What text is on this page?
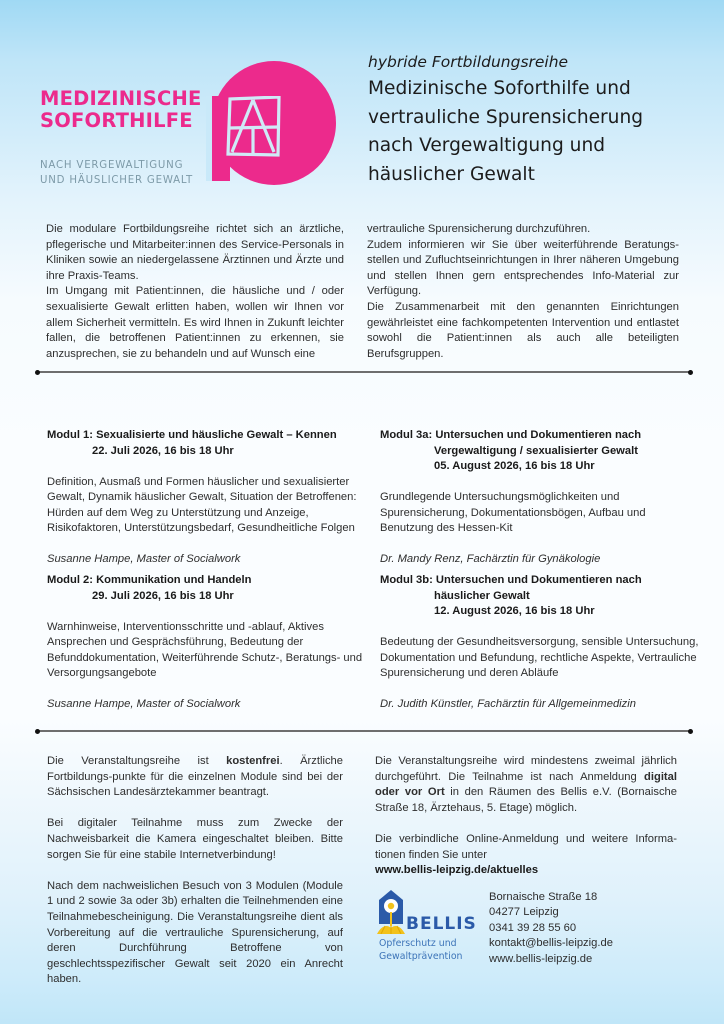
MEDIZINISCHE
SOFORTHILFE
NACH VERGEWALTIGUNG
UND HÄUSLICHER GEWALT
hybride Fortbildungsreihe
Medizinische Soforthilfe und
vertrauliche Spurensicherung
nach Vergewaltigung und
häuslicher Gewalt

Die modulare Fortbildungsreihe richtet sich an ärztliche, pflegerische und Mitarbeiter:innen des Service-Personals in Kliniken sowie an niedergelassene Ärztinnen und Ärzte und ihre Praxis-Teams.

Im Umgang mit Patient:innen, die häusliche und / oder sexualisierte Gewalt erlitten haben, wollen wir Ihnen vor allem Sicherheit vermitteln. Es wird Ihnen in Zukunft leichter fallen, die betroffenen Patient:innen zu erkennen, sie anzusprechen, sie zu behandeln und auf Wunsch eine

vertrauliche Spurensicherung durchzuführen.

Zudem informieren wir Sie über weiterführende Beratungs-stellen und Zufluchtseinrichtungen in Ihrer näheren Umgebung und stellen Ihnen gern entsprechendes Info-Material zur Verfügung.

Die Zusammenarbeit mit den genannten Einrichtungen gewährleistet eine fachkompetenten Intervention und entlastet sowohl die Patient:innen als auch alle beteiligten Berufsgruppen.

Modul 1: Sexualisierte und häusliche Gewalt – Kennen
22. Juli 2026, 16 bis 18 Uhr
Definition, Ausmaß und Formen häuslicher und sexualisierter Gewalt, Dynamik häuslicher Gewalt, Situation der Betroffenen: Hürden auf dem Weg zu Unterstützung und Anzeige, Risikofaktoren, Unterstützungsbedarf, Gesundheitliche Folgen
Susanne Hampe, Master of Socialwork
Modul 2: Kommunikation und Handeln
29. Juli 2026, 16 bis 18 Uhr
Warnhinweise, Interventionsschritte und -ablauf, Aktives Ansprechen und Gesprächsführung, Bedeutung der Befunddokumentation, Weiterführende Schutz-, Beratungs- und Versorgungsangebote
Susanne Hampe, Master of Socialwork
Modul 3a: Untersuchen und Dokumentieren nach
Vergewaltigung / sexualisierter Gewalt
05. August 2026, 16 bis 18 Uhr
Grundlegende Untersuchungsmöglichkeiten und Spurensicherung, Dokumentationsbögen, Aufbau und Benutzung des Hessen-Kit
Dr. Mandy Renz, Fachärztin für Gynäkologie
Modul 3b: Untersuchen und Dokumentieren nach
häuslicher Gewalt
12. August 2026, 16 bis 18 Uhr
Bedeutung der Gesundheitsversorgung, sensible Untersuchung, Dokumentation und Befundung, rechtliche Aspekte, Vertrauliche Spurensicherung und deren Abläufe
Dr. Judith Künstler, Fachärztin für Allgemeinmedizin

Die Veranstaltungsreihe ist kostenfrei. Ärztliche Fortbildungs-punkte für die einzelnen Module sind bei der Sächsischen Landesärztekammer beantragt.

Bei digitaler Teilnahme muss zum Zwecke der Nachweisbarkeit die Kamera eingeschaltet bleiben. Bitte sorgen Sie für eine stabile Internetverbindung!

Nach dem nachweislichen Besuch von 3 Modulen (Module 1 und 2 sowie 3a oder 3b) erhalten die Teilnehmenden eine Teilnahmebescheinigung. Die Veranstaltungsreihe dient als Vorbereitung auf die vertrauliche Spurensicherung, auf deren Durchführung Betroffene von geschlechtsspezifischer Gewalt seit 2020 ein Anrecht haben.

Die Veranstaltungsreihe wird mindestens zweimal jährlich durchgeführt. Die Teilnahme ist nach Anmeldung digital oder vor Ort in den Räumen des Bellis e.V. (Bornaische Straße 18, Ärztehaus, 5. Etage) möglich.

Die verbindliche Online-Anmeldung und weitere Informa-tionen finden Sie unter

www.bellis-leipzig.de/aktuelles
BELLIS
Opferschutz und
Gewaltprävention
Bornaische Straße 18
04277 Leipzig
0341 39 28 55 60
kontakt@bellis-leipzig.de
www.bellis-leipzig.de
